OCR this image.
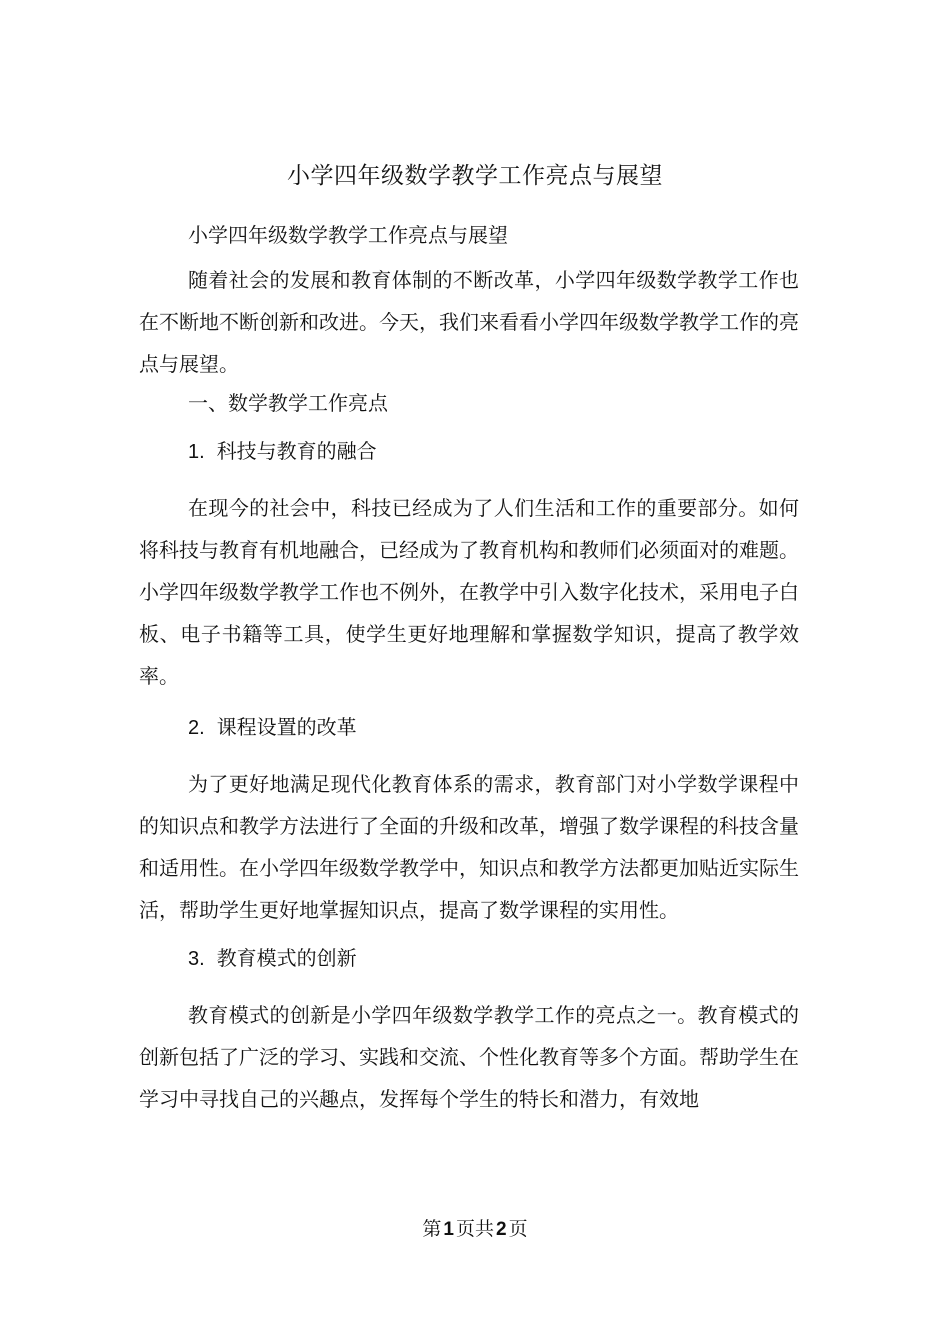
小学四年级数学教学工作亮点与展望
小学四年级数学教学工作亮点与展望
随着社会的发展和教育体制的不断改革，小学四年级数学教学工作也在不断地不断创新和改进。今天，我们来看看小学四年级数学教学工作的亮点与展望。
一、数学教学工作亮点
1. 科技与教育的融合
在现今的社会中，科技已经成为了人们生活和工作的重要部分。如何将科技与教育有机地融合，已经成为了教育机构和教师们必须面对的难题。小学四年级数学教学工作也不例外，在教学中引入数字化技术，采用电子白板、电子书籍等工具，使学生更好地理解和掌握数学知识，提高了教学效率。
2. 课程设置的改革
为了更好地满足现代化教育体系的需求，教育部门对小学数学课程中的知识点和教学方法进行了全面的升级和改革，增强了数学课程的科技含量和适用性。在小学四年级数学教学中，知识点和教学方法都更加贴近实际生活，帮助学生更好地掌握知识点，提高了数学课程的实用性。
3. 教育模式的创新
教育模式的创新是小学四年级数学教学工作的亮点之一。教育模式的创新包括了广泛的学习、实践和交流、个性化教育等多个方面。帮助学生在学习中寻找自己的兴趣点，发挥每个学生的特长和潜力，有效地
第 1 页共 2 页
